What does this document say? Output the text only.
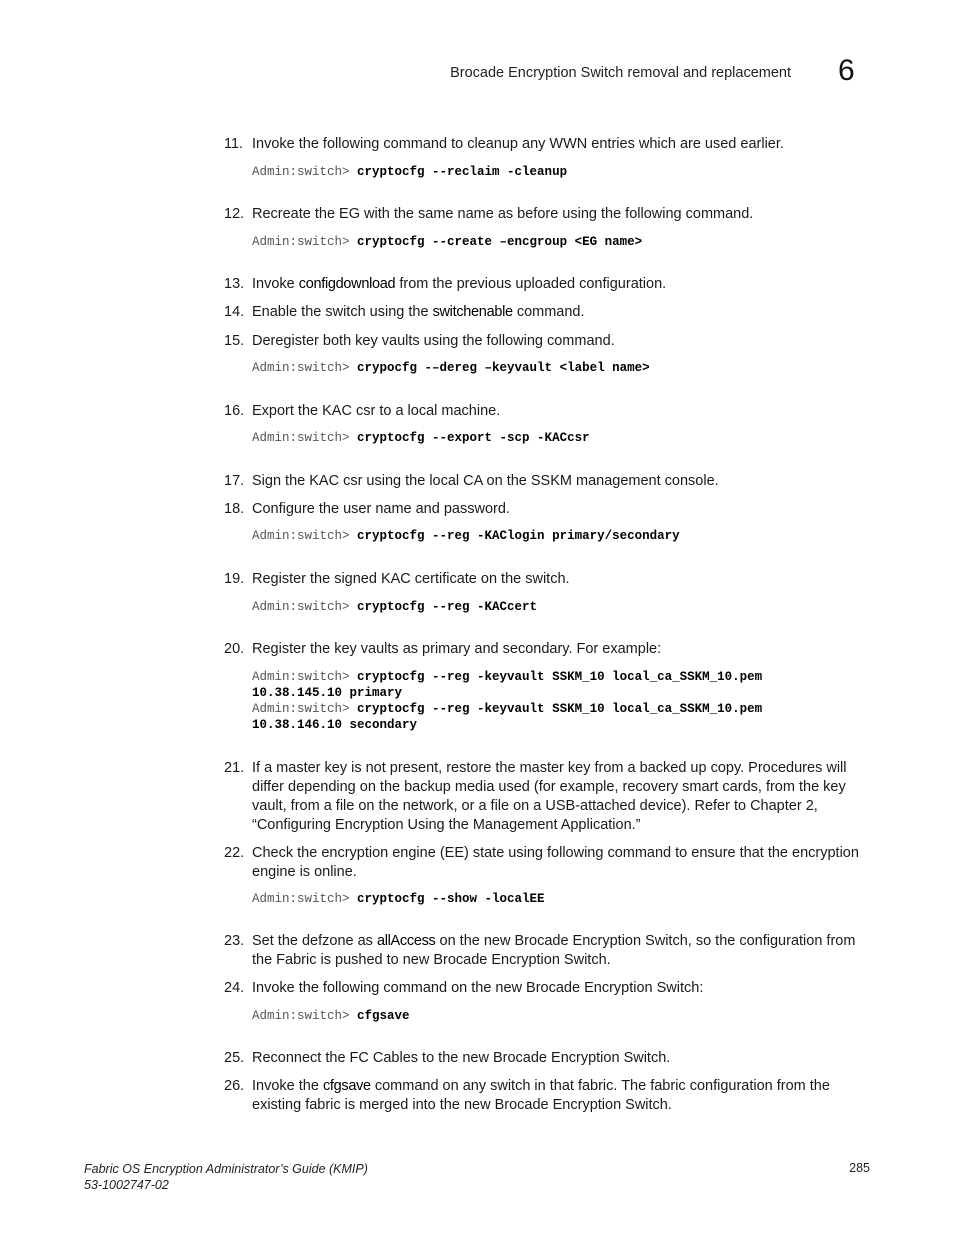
Brocade Encryption Switch removal and replacement 6
11. Invoke the following command to cleanup any WWN entries which are used earlier.
Admin:switch> cryptocfg --reclaim -cleanup
12. Recreate the EG with the same name as before using the following command.
Admin:switch> cryptocfg --create –encgroup <EG name>
13. Invoke configdownload from the previous uploaded configuration.
14. Enable the switch using the switchenable command.
15. Deregister both key vaults using the following command.
Admin:switch> crypocfg -–dereg –keyvault <label name>
16. Export the KAC csr to a local machine.
Admin:switch> cryptocfg --export -scp -KACcsr
17. Sign the KAC csr using the local CA on the SSKM management console.
18. Configure the user name and password.
Admin:switch> cryptocfg --reg -KAClogin primary/secondary
19. Register the signed KAC certificate on the switch.
Admin:switch> cryptocfg --reg -KACcert
20. Register the key vaults as primary and secondary. For example:
Admin:switch> cryptocfg --reg -keyvault SSKM_10 local_ca_SSKM_10.pem
10.38.145.10 primary
Admin:switch> cryptocfg --reg -keyvault SSKM_10 local_ca_SSKM_10.pem
10.38.146.10 secondary
21. If a master key is not present, restore the master key from a backed up copy. Procedures will differ depending on the backup media used (for example, recovery smart cards, from the key vault, from a file on the network, or a file on a USB-attached device). Refer to Chapter 2, “Configuring Encryption Using the Management Application.”
22. Check the encryption engine (EE) state using following command to ensure that the encryption engine is online.
Admin:switch> cryptocfg --show -localEE
23. Set the defzone as allAccess on the new Brocade Encryption Switch, so the configuration from the Fabric is pushed to new Brocade Encryption Switch.
24. Invoke the following command on the new Brocade Encryption Switch:
Admin:switch> cfgsave
25. Reconnect the FC Cables to the new Brocade Encryption Switch.
26. Invoke the cfgsave command on any switch in that fabric. The fabric configuration from the existing fabric is merged into the new Brocade Encryption Switch.
Fabric OS Encryption Administrator’s Guide (KMIP)
53-1002747-02
285
